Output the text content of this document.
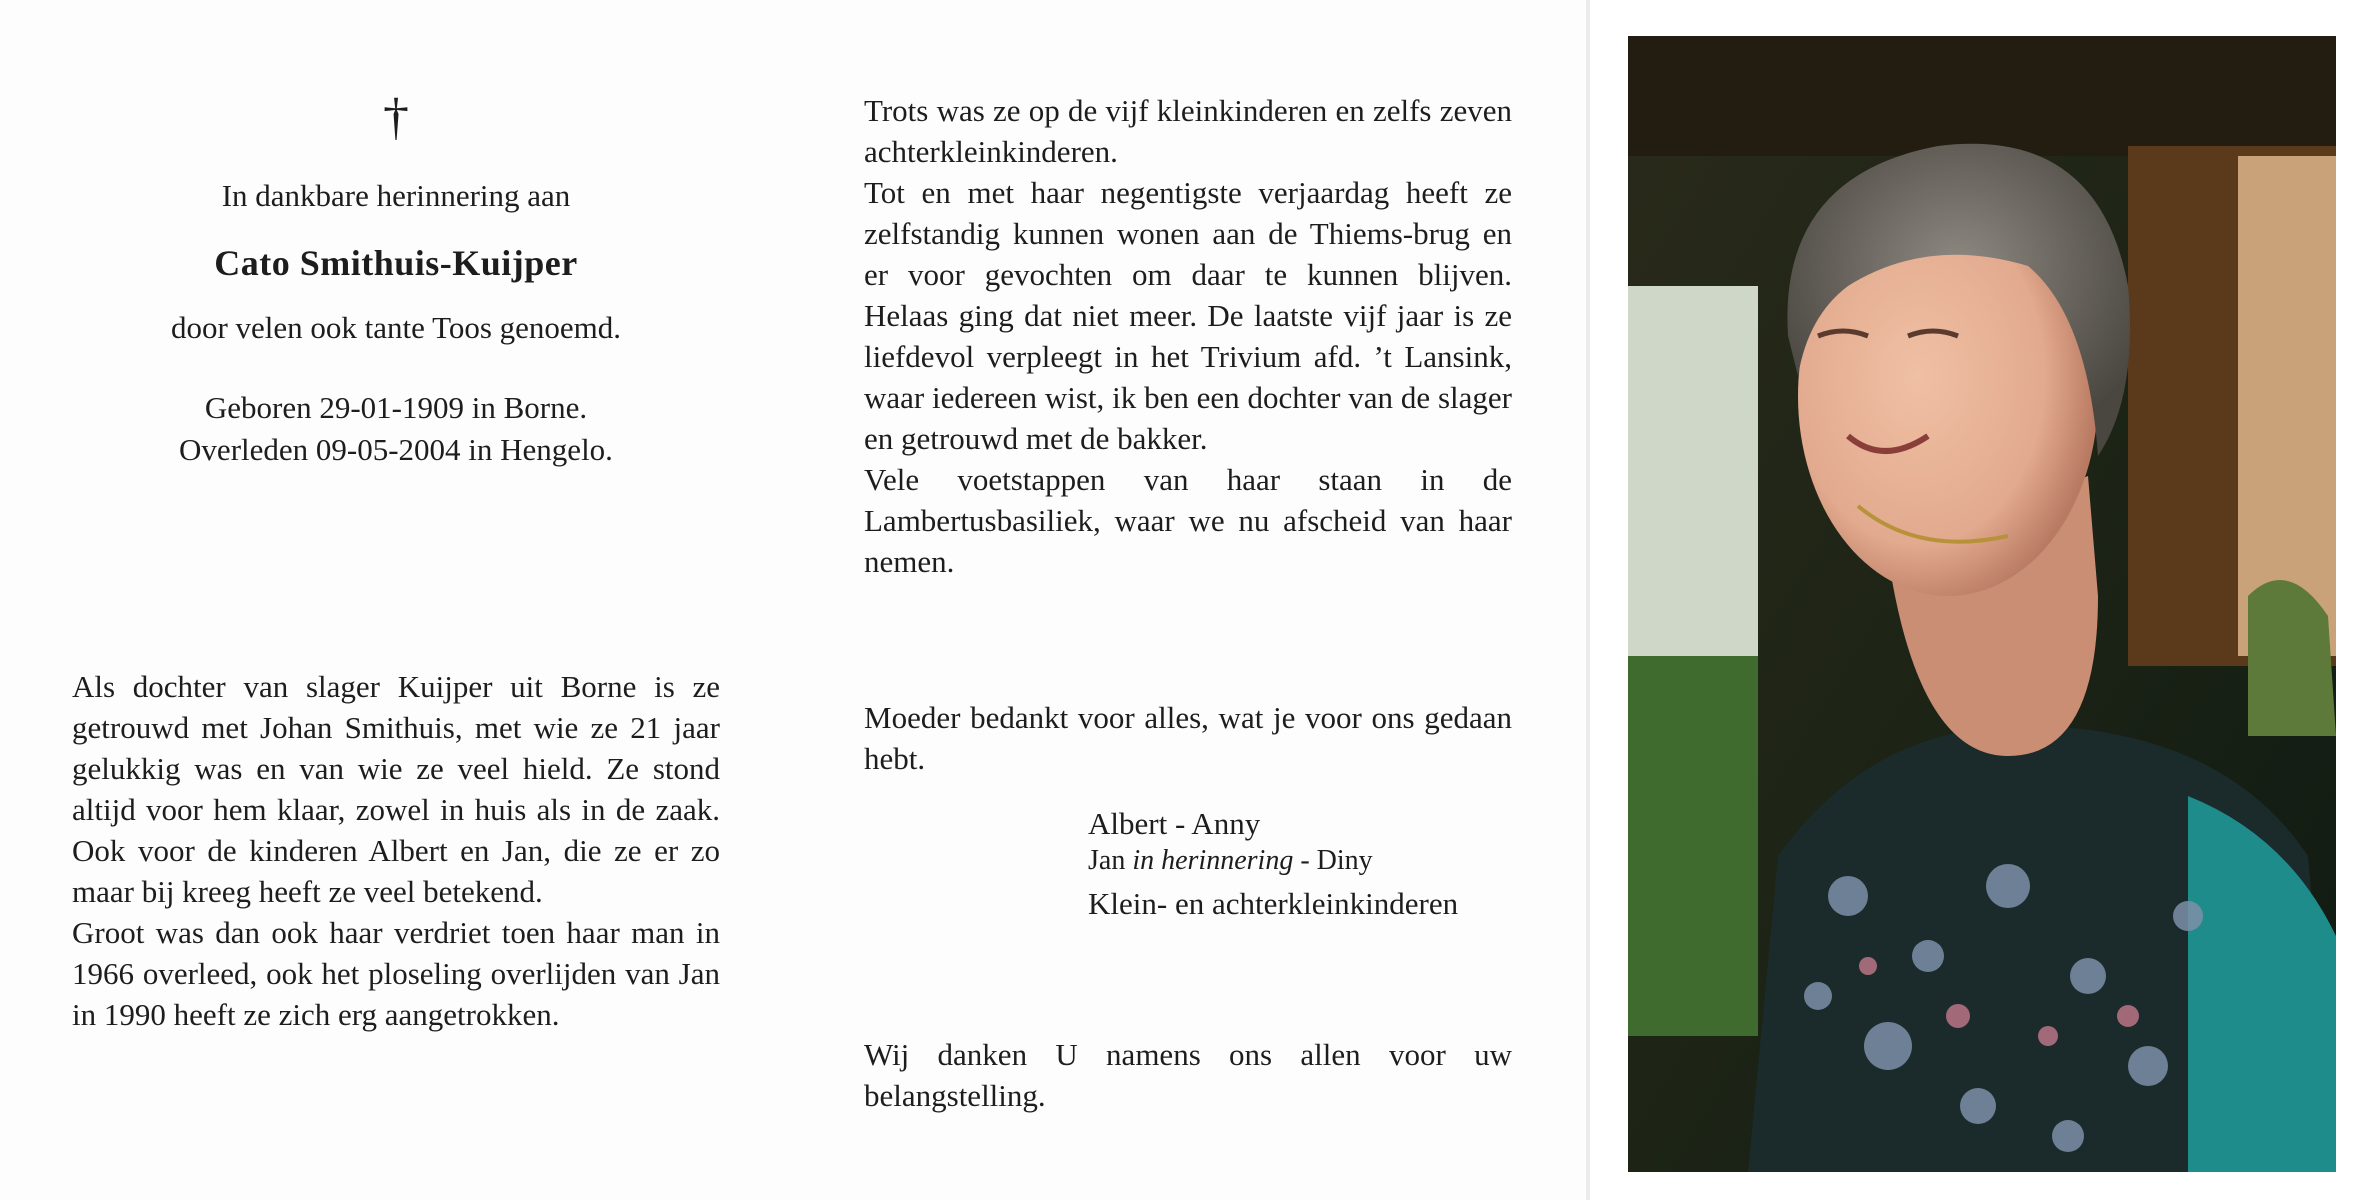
†
In dankbare herinnering aan
Cato Smithuis-Kuijper
door velen ook tante Toos genoemd.
Geboren 29-01-1909 in Borne.
Overleden 09-05-2004 in Hengelo.

Als dochter van slager Kuijper uit Borne is ze getrouwd met Johan Smithuis, met wie ze 21 jaar gelukkig was en van wie ze veel hield. Ze stond altijd voor hem klaar, zowel in huis als in de zaak. Ook voor de kinderen Albert en Jan, die ze er zo maar bij kreeg heeft ze veel betekend.

Groot was dan ook haar verdriet toen haar man in 1966 overleed, ook het ploseling overlijden van Jan in 1990 heeft ze zich erg aangetrokken.

Trots was ze op de vijf kleinkinderen en zelfs zeven achterkleinkinderen.

Tot en met haar negentigste verjaardag heeft ze zelfstandig kunnen wonen aan de Thiems-brug en er voor gevochten om daar te kunnen blijven. Helaas ging dat niet meer. De laatste vijf jaar is ze liefdevol verpleegt in het Trivium afd. ’t Lansink, waar iedereen wist, ik ben een dochter van de slager en getrouwd met de bakker.

Vele voetstappen van haar staan in de Lambertusbasiliek, waar we nu afscheid van haar nemen.

Moeder bedankt voor alles, wat je voor ons gedaan hebt.
Albert - Anny
Jan in herinnering - Diny
Klein- en achterkleinkinderen
Wij danken U namens ons allen voor uw belangstelling.
